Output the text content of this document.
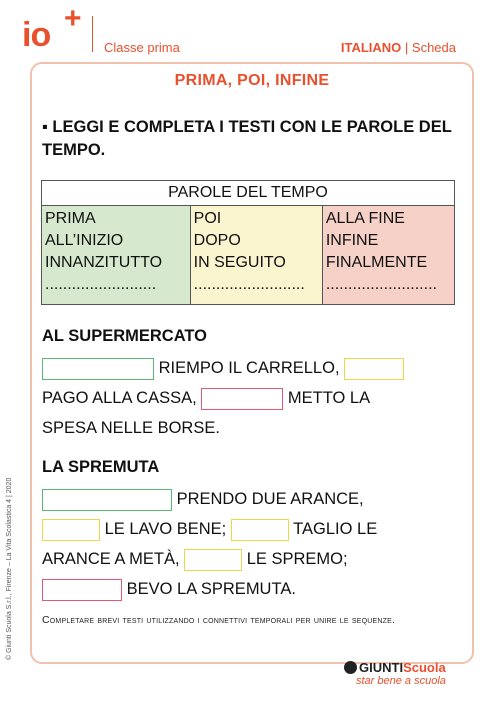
io +
Classe prima	ITALIANO | Scheda
PRIMA, POI, INFINE
▪ LEGGI E COMPLETA I TESTI CON LE PAROLE DEL TEMPO.
PAROLE DEL TEMPO

PRIMA
ALL’INIZIO
INNANZITUTTO
.........................

POI
DOPO
IN SEGUITO
.........................

ALLA FINE
INFINE
FINALMENTE
.........................
AL SUPERMERCATO
RIEMPO IL CARRELLO,
PAGO ALLA CASSA,	METTO LA
SPESA NELLE BORSE.
LA SPREMUTA
PRENDO DUE ARANCE,
LE LAVO BENE;	TAGLIO LE
ARANCE A METÀ,	LE SPREMO;
BEVO LA SPREMUTA.
Completare brevi testi utilizzando i connettivi temporali per unire le sequenze.
© Giunti Scuola S.r.l., Firenze – La Vita Scolastica 4 | 2020
GIUNTIScuola
star bene a scuola
